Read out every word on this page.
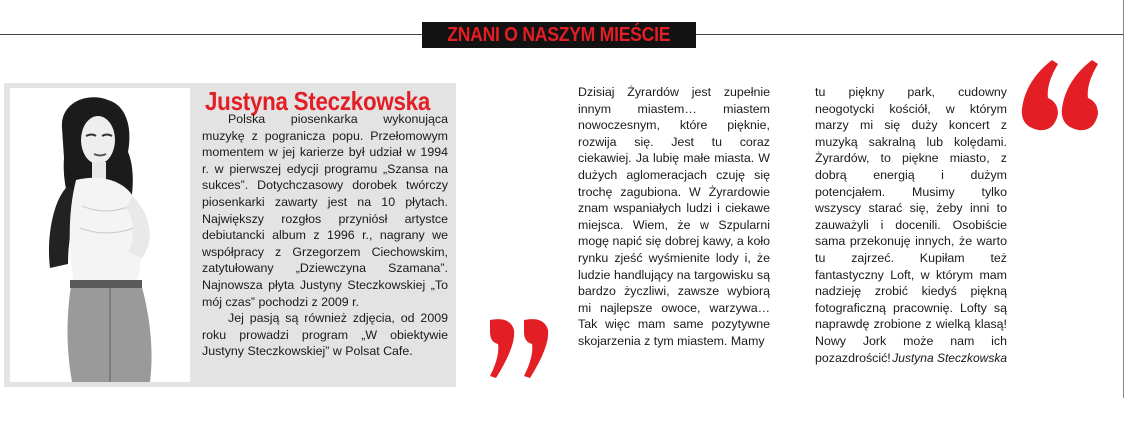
ZNANI O NASZYM MIEŚCIE
Justyna Steczkowska

Polska piosenkarka wykonująca muzykę z pogranicza popu. Przełomowym momentem w jej karierze był udział w 1994 r. w pierwszej edycji programu „Szansa na sukces”. Dotychczasowy dorobek twórczy piosenkarki zawarty jest na 10 płytach. Największy rozgłos przyniósł artystce debiutancki album z 1996 r., nagrany we współpracy z Grzegorzem Ciechowskim, zatytułowany „Dziewczyna Szamana”. Najnowsza płyta Justyny Steczkowskiej „To mój czas” pochodzi z 2009 r.

Jej pasją są również zdjęcia, od 2009 roku prowadzi program „W obiektywie Justyny Steczkowskiej” w Polsat Cafe.

Dzisiaj Żyrardów jest zupełnie innym miastem… miastem nowoczesnym, które pięknie, rozwija się. Jest tu coraz ciekawiej. Ja lubię małe miasta. W dużych aglomeracjach czuję się trochę zagubiona. W Żyrardowie znam wspaniałych ludzi i ciekawe miejsca. Wiem, że w Szpularni mogę napić się dobrej kawy, a koło rynku zjeść wyśmienite lody i, że ludzie handlujący na targowisku są bardzo życzliwi, zawsze wybiorą mi najlepsze owoce, warzywa… Tak więc mam same pozytywne skojarzenia z tym miastem. Mamy
tu piękny park, cudowny neogotycki kościół, w którym marzy mi się duży koncert z muzyką sakralną lub kolędami. Żyrardów, to piękne miasto, z dobrą energią i dużym potencjałem. Musimy tylko wszyscy starać się, żeby inni to zauważyli i docenili. Osobiście sama przekonuję innych, że warto tu zajrzeć. Kupiłam też fantastyczny Loft, w którym mam nadzieję zrobić kiedyś piękną fotograficzną pracownię. Lofty są naprawdę zrobione z wielką klasą! Nowy Jork może nam ich pozazdrościć! Justyna Steczkowska
